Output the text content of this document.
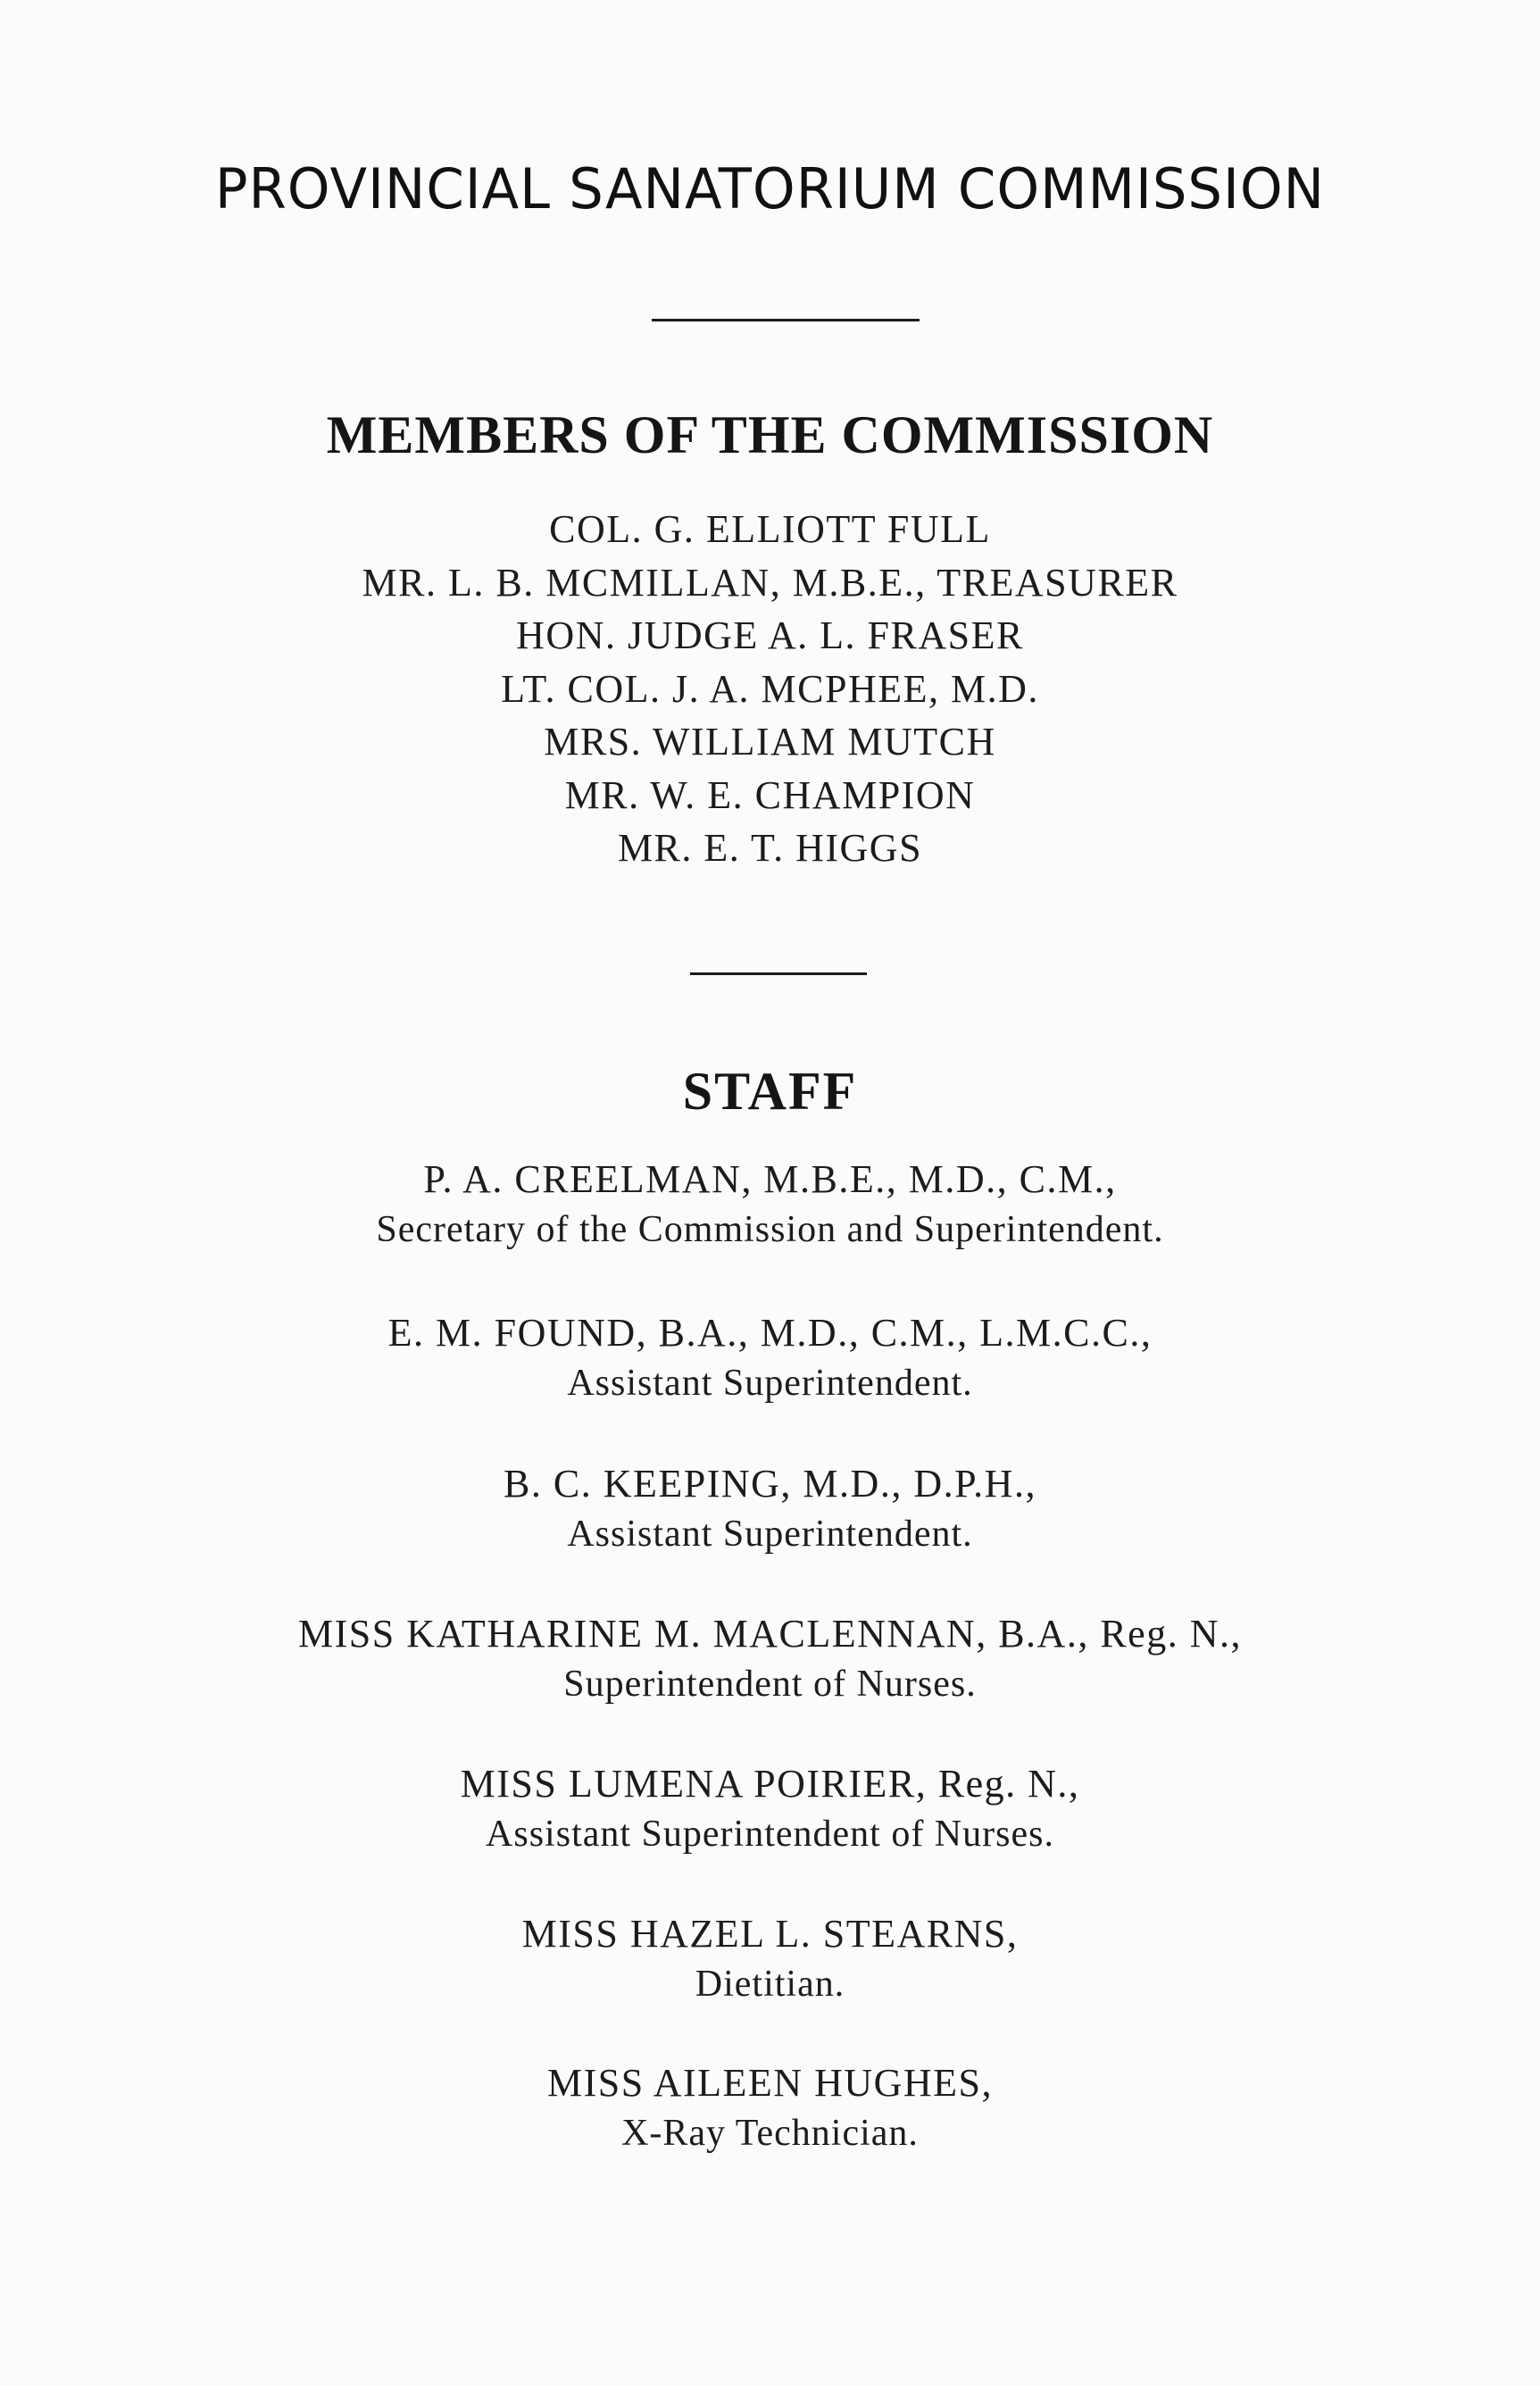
PROVINCIAL SANATORIUM COMMISSION
MEMBERS OF THE COMMISSION
COL. G. ELLIOTT FULL
MR. L. B. MCMILLAN, M.B.E., TREASURER
HON. JUDGE A. L. FRASER
LT. COL. J. A. MCPHEE, M.D.
MRS. WILLIAM MUTCH
MR. W. E. CHAMPION
MR. E. T. HIGGS
STAFF
P. A. CREELMAN, M.B.E., M.D., C.M.,
Secretary of the Commission and Superintendent.
E. M. FOUND, B.A., M.D., C.M., L.M.C.C.,
Assistant Superintendent.
B. C. KEEPING, M.D., D.P.H.,
Assistant Superintendent.
MISS KATHARINE M. MACLENNAN, B.A., Reg. N.,
Superintendent of Nurses.
MISS LUMENA POIRIER, Reg. N.,
Assistant Superintendent of Nurses.
MISS HAZEL L. STEARNS,
Dietitian.
MISS AILEEN HUGHES,
X-Ray Technician.
